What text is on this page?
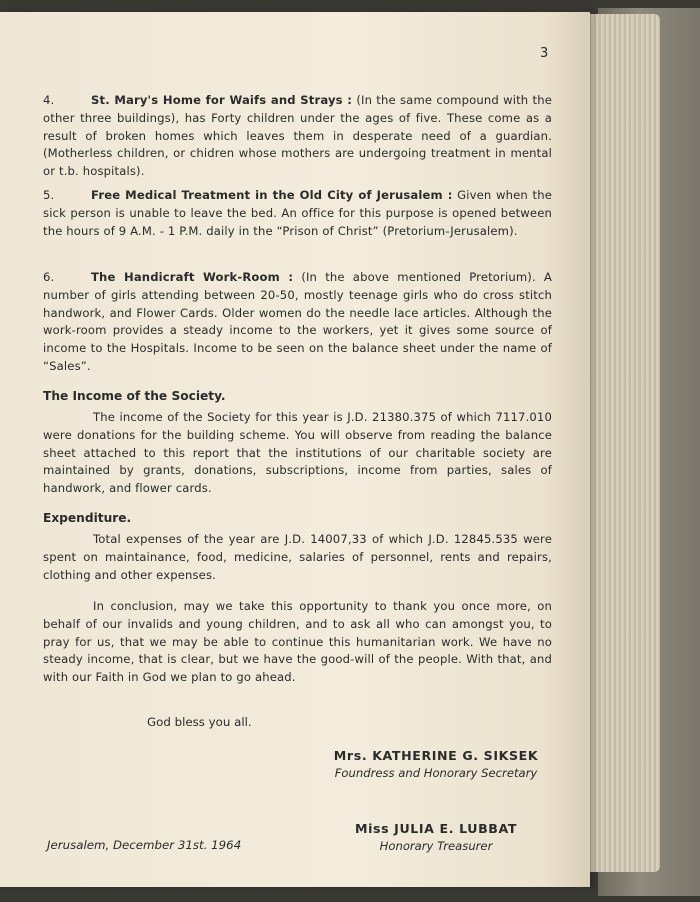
3
4.	St. Mary's Home for Waifs and Strays : (In the same compound with the other three buildings), has Forty children under the ages of five. These come as a result of broken homes which leaves them in desperate need of a guardian. (Motherless children, or chidren whose mothers are undergoing treatment in mental or t.b. hospitals).
5.	Free Medical Treatment in the Old City of Jerusalem : Given when the sick person is unable to leave the bed. An office for this purpose is opened between the hours of 9 A.M. - 1 P.M. daily in the “Prison of Christ” (Pretorium-Jerusalem).
6.	The Handicraft Work-Room : (In the above mentioned Pretorium). A number of girls attending between 20-50, mostly teenage girls who do cross stitch handwork, and Flower Cards. Older women do the needle lace articles. Although the work-room provides a steady income to the workers, yet it gives some source of income to the Hospitals. Income to be seen on the balance sheet under the name of “Sales”.
The Income of the Society.
The income of the Society for this year is J.D. 21380.375 of which 7117.010 were donations for the building scheme. You will observe from reading the balance sheet attached to this report that the institutions of our charitable society are maintained by grants, donations, subscriptions, income from parties, sales of handwork, and flower cards.
Expenditure.
Total expenses of the year are J.D. 14007,33 of which J.D. 12845.535 were spent on maintainance, food, medicine, salaries of personnel, rents and repairs, clothing and other expenses.
In conclusion, may we take this opportunity to thank you once more, on behalf of our invalids and young children, and to ask all who can amongst you, to pray for us, that we may be able to continue this humanitarian work. We have no steady income, that is clear, but we have the good-will of the people. With that, and with our Faith in God we plan to go ahead.
God bless you all.
Mrs. KATHERINE G. SIKSEK
Foundress and Honorary Secretary
Miss JULIA E. LUBBAT
Honorary Treasurer
Jerusalem, December 31st. 1964
